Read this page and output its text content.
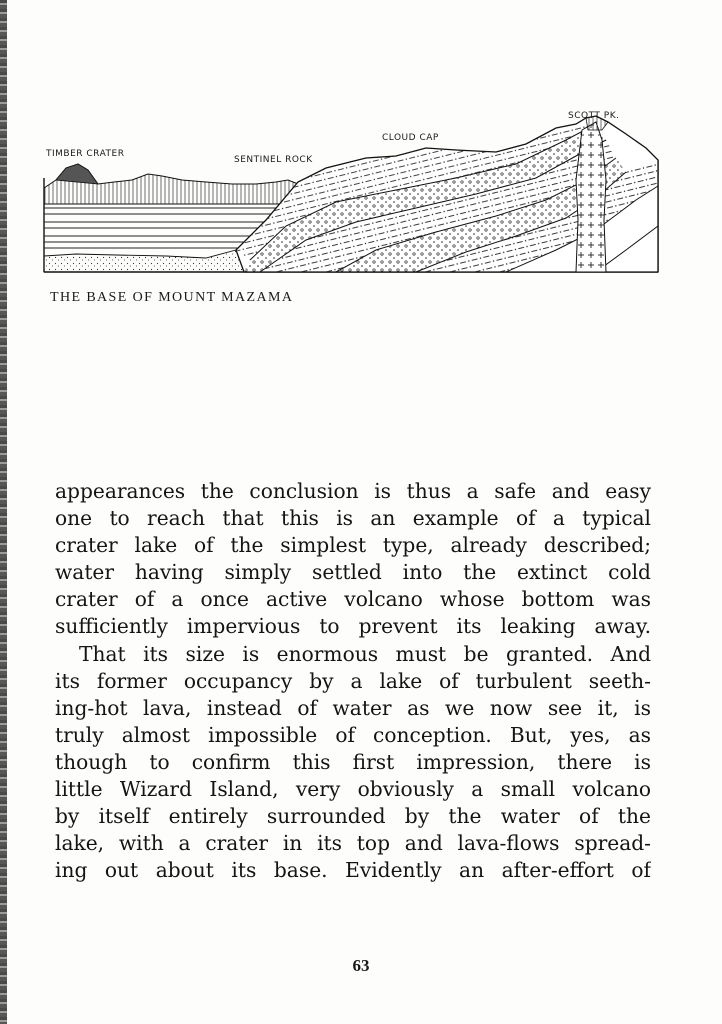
TIMBER CRATER
SENTINEL ROCK
CLOUD CAP
SCOTT PK.
THE BASE OF MOUNT MAZAMA
appearances the conclusion is thus a safe and easy
one to reach that this is an example of a typical
crater lake of the simplest type, already described;
water having simply settled into the extinct cold
crater of a once active volcano whose bottom was
sufficiently impervious to prevent its leaking away.
That its size is enormous must be granted. And
its former occupancy by a lake of turbulent seeth-
ing-hot lava, instead of water as we now see it, is
truly almost impossible of conception. But, yes, as
though to confirm this first impression, there is
little Wizard Island, very obviously a small volcano
by itself entirely surrounded by the water of the
lake, with a crater in its top and lava-flows spread-
ing out about its base. Evidently an after-effort of
63
